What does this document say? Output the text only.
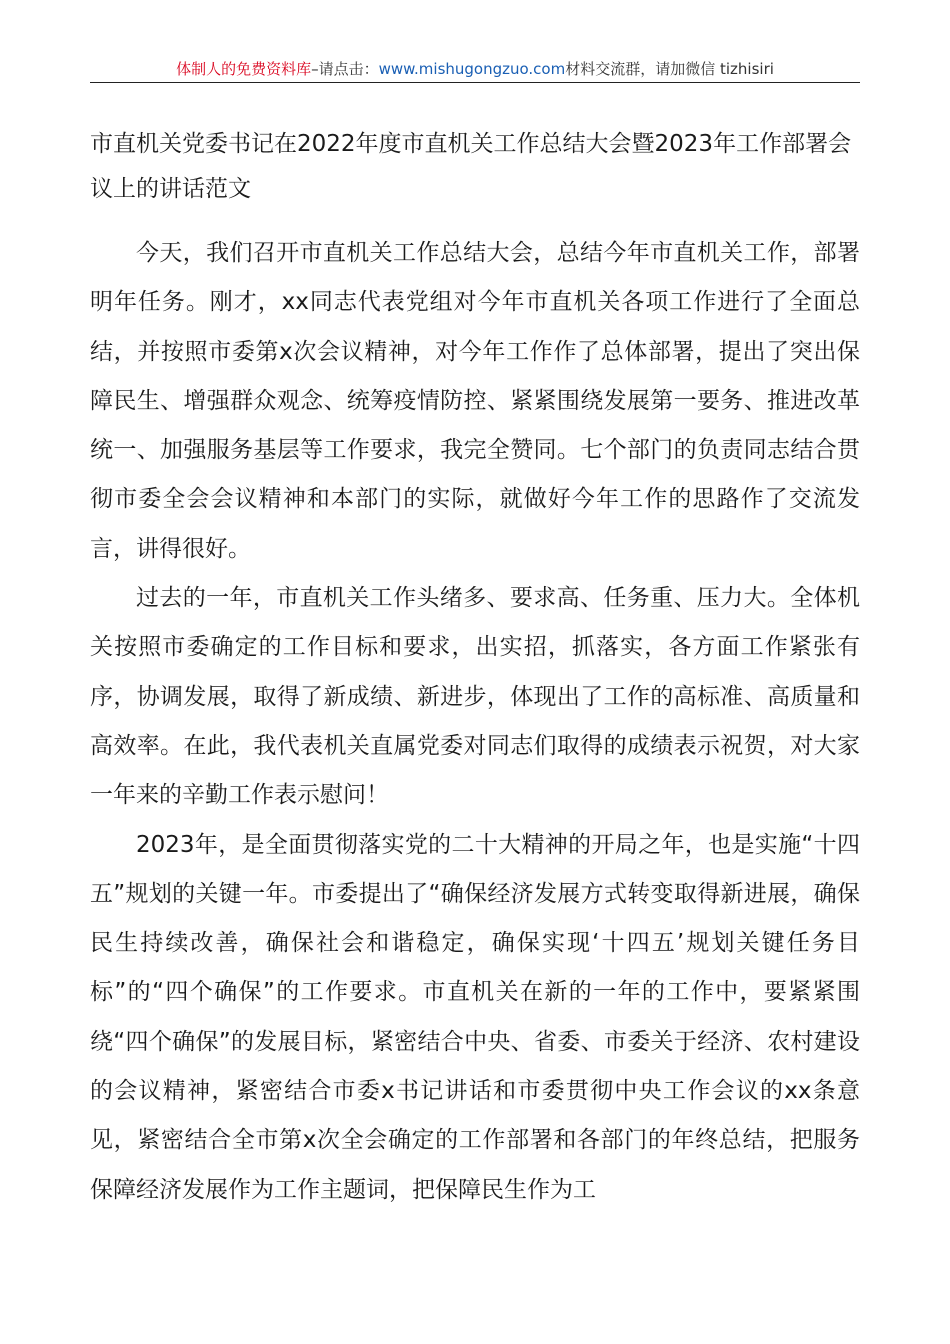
体制人的免费资料库–请点击：www.mishugongzuo.com材料交流群，请加微信 tizhisiri
市直机关党委书记在2022年度市直机关工作总结大会暨2023年工作部署会议上的讲话范文

今天，我们召开市直机关工作总结大会，总结今年市直机关工作，部署明年任务。刚才，xx同志代表党组对今年市直机关各项工作进行了全面总结，并按照市委第x次会议精神，对今年工作作了总体部署，提出了突出保障民生、增强群众观念、统筹疫情防控、紧紧围绕发展第一要务、推进改革统一、加强服务基层等工作要求，我完全赞同。七个部门的负责同志结合贯彻市委全会会议精神和本部门的实际，就做好今年工作的思路作了交流发言，讲得很好。

过去的一年，市直机关工作头绪多、要求高、任务重、压力大。全体机关按照市委确定的工作目标和要求，出实招，抓落实，各方面工作紧张有序，协调发展，取得了新成绩、新进步，体现出了工作的高标准、高质量和高效率。在此，我代表机关直属党委对同志们取得的成绩表示祝贺，对大家一年来的辛勤工作表示慰问！

2023年，是全面贯彻落实党的二十大精神的开局之年，也是实施“十四五”规划的关键一年。市委提出了“确保经济发展方式转变取得新进展，确保民生持续改善，确保社会和谐稳定，确保实现‘十四五’规划关键任务目标”的“四个确保”的工作要求。市直机关在新的一年的工作中，要紧紧围绕“四个确保”的发展目标，紧密结合中央、省委、市委关于经济、农村建设的会议精神，紧密结合市委x书记讲话和市委贯彻中央工作会议的xx条意见，紧密结合全市第x次全会确定的工作部署和各部门的年终总结，把服务保障经济发展作为工作主题词，把保障民生作为工
